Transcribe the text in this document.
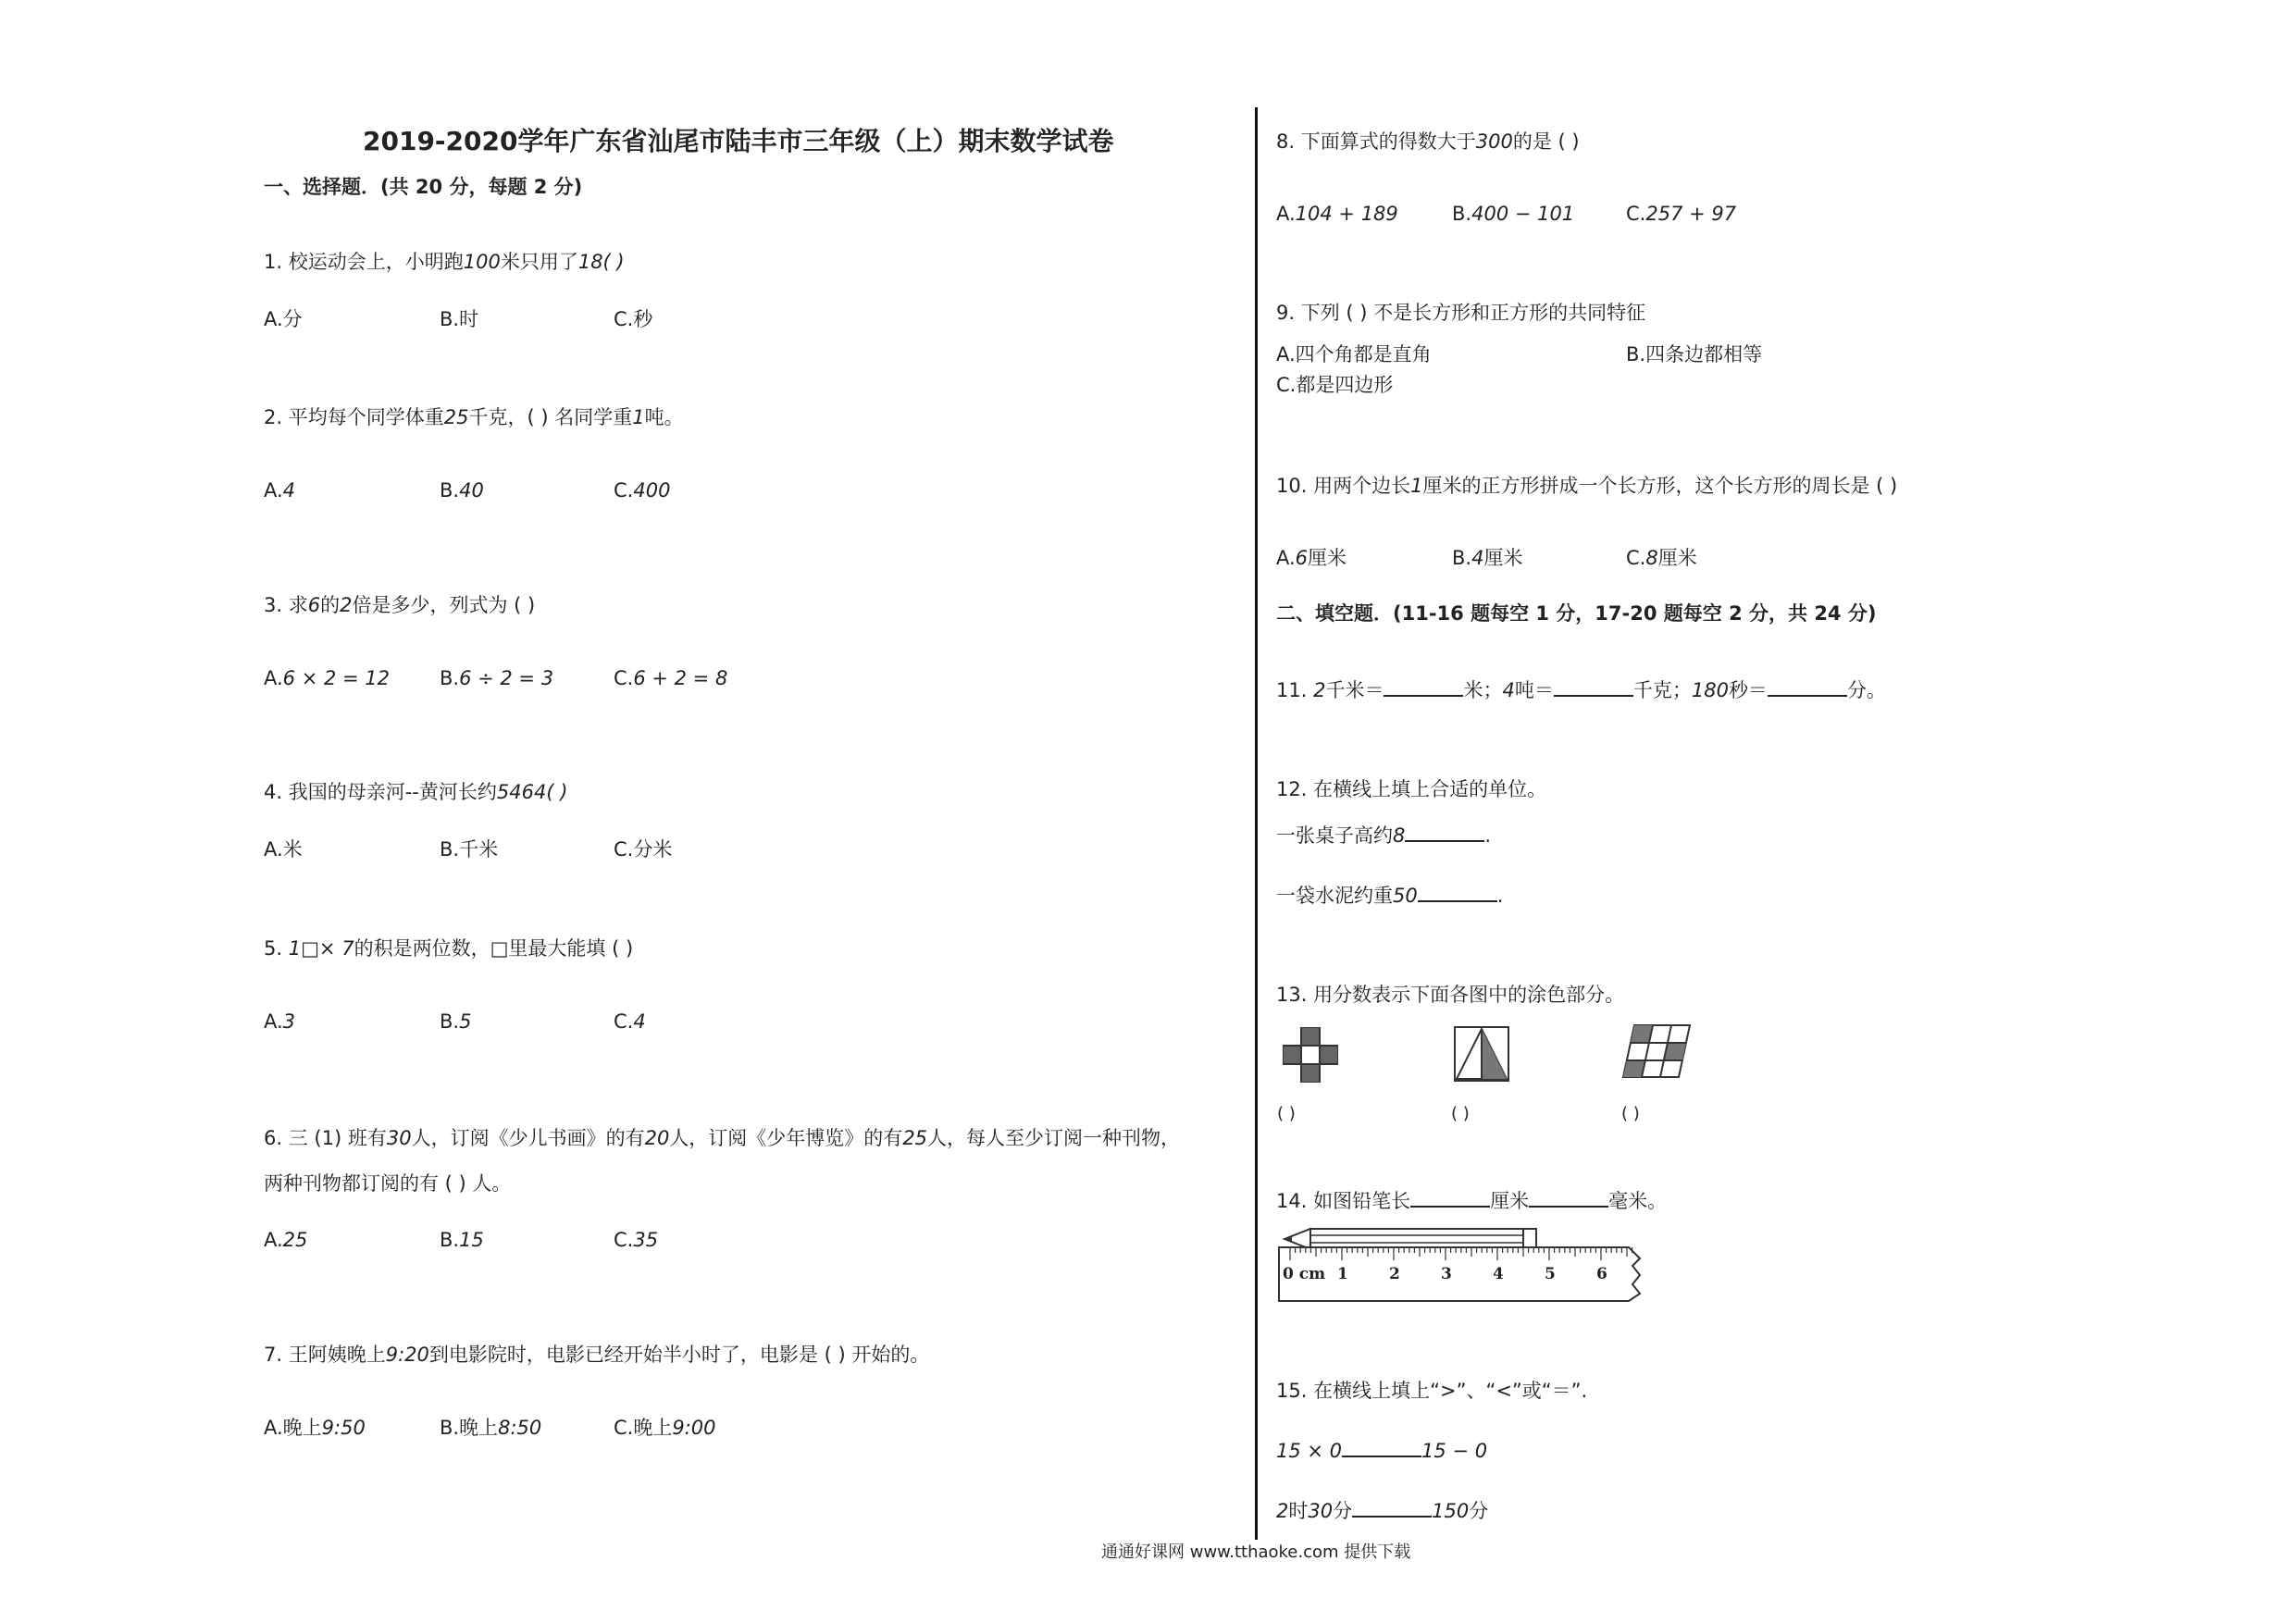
2019-2020学年广东省汕尾市陆丰市三年级（上）期末数学试卷
一、选择题．(共 20 分，每题 2 分)
1. 校运动会上，小明跑100米只用了18( )
A.分	B.时	C.秒
2. 平均每个同学体重25千克，( ) 名同学重1吨。
A.4	B.40	C.400
3. 求6的2倍是多少，列式为 ( )
A.6 × 2 = 12	B.6 ÷ 2 = 3	C.6 + 2 = 8
4. 我国的母亲河--黄河长约5464( )
A.米	B.千米	C.分米
5. 1□× 7的积是两位数，□里最大能填 ( )
A.3	B.5	C.4
6. 三 (1) 班有30人，订阅《少儿书画》的有20人，订阅《少年博览》的有25人，每人至少订阅一种刊物，
两种刊物都订阅的有 ( ) 人。
A.25	B.15	C.35
7. 王阿姨晚上9:20到电影院时，电影已经开始半小时了，电影是 ( ) 开始的。
A.晚上9:50	B.晚上8:50	C.晚上9:00
8. 下面算式的得数大于300的是 ( )
A.104 + 189	B.400 − 101	C.257 + 97
9. 下列 ( ) 不是长方形和正方形的共同特征
A.四个角都是直角	B.四条边都相等
C.都是四边形
10. 用两个边长1厘米的正方形拼成一个长方形，这个长方形的周长是 ( )
A.6厘米	B.4厘米	C.8厘米
二、填空题．(11-16 题每空 1 分，17-20 题每空 2 分，共 24 分)
11. 2千米＝	米；4吨＝	千克；180秒＝	分。
12. 在横线上填上合适的单位。
一张桌子高约8	.
一袋水泥约重50	.
13. 用分数表示下面各图中的涂色部分。
( )	( )	( )
14. 如图铅笔长	厘米	毫米。
1	2	3	4	5	6
0 cm
15. 在横线上填上“>”、“<”或“＝”.
15 × 0	15 − 0
2时30分	150分
通通好课网 www.tthaoke.com 提供下载
